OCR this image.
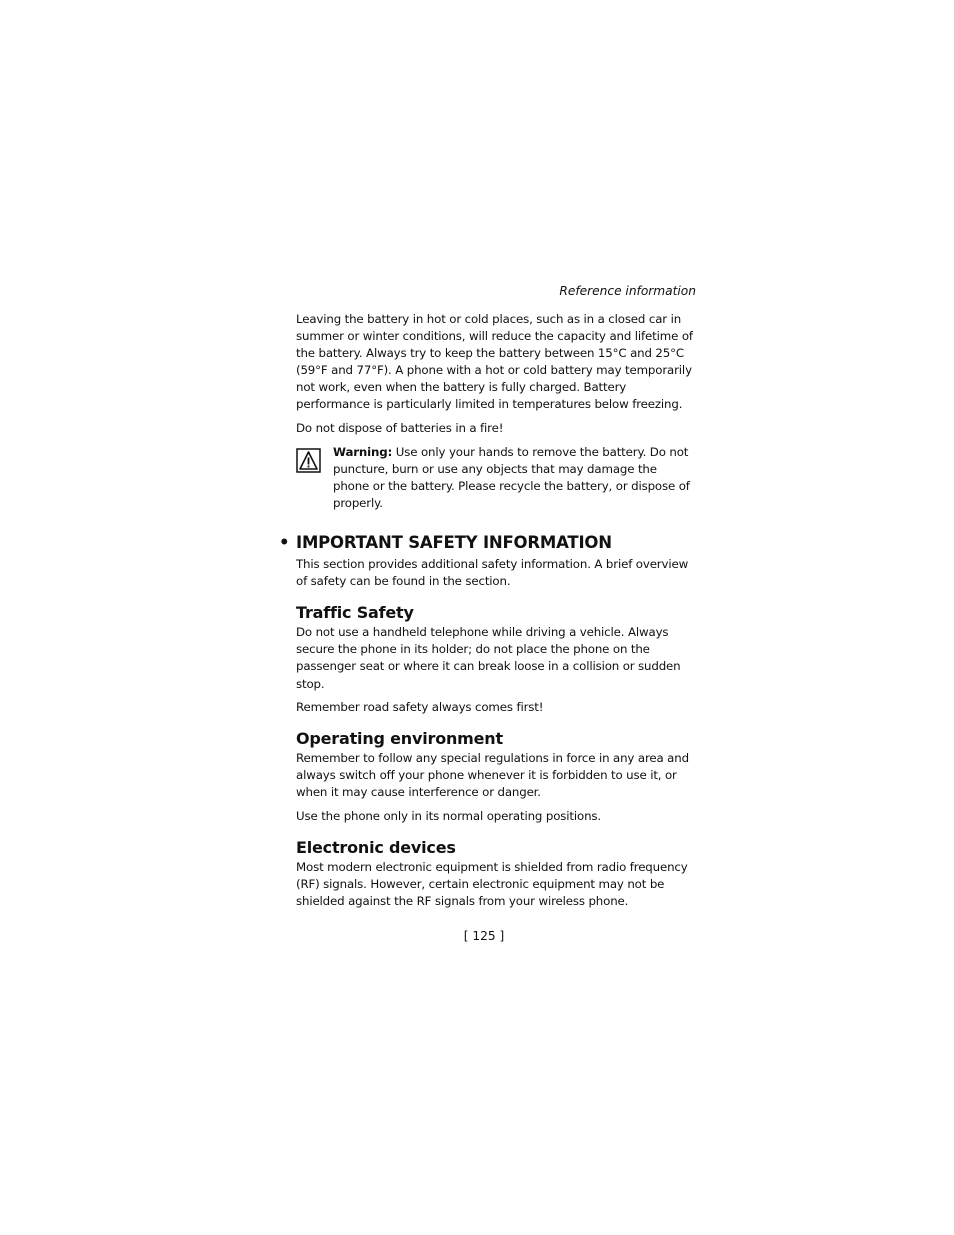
Reference information

Leaving the battery in hot or cold places, such as in a closed car in summer or winter conditions, will reduce the capacity and lifetime of the battery. Always try to keep the battery between 15°C and 25°C (59°F and 77°F). A phone with a hot or cold battery may temporarily not work, even when the battery is fully charged. Battery performance is particularly limited in temperatures below freezing.

Do not dispose of batteries in a fire!

Warning: Use only your hands to remove the battery. Do not puncture, burn or use any objects that may damage the phone or the battery. Please recycle the battery, or dispose of properly.
• IMPORTANT SAFETY INFORMATION

This section provides additional safety information. A brief overview of safety can be found in the section.

Traffic Safety

Do not use a handheld telephone while driving a vehicle. Always secure the phone in its holder; do not place the phone on the passenger seat or where it can break loose in a collision or sudden stop.

Remember road safety always comes first!

Operating environment

Remember to follow any special regulations in force in any area and always switch off your phone whenever it is forbidden to use it, or when it may cause interference or danger.

Use the phone only in its normal operating positions.

Electronic devices

Most modern electronic equipment is shielded from radio frequency (RF) signals. However, certain electronic equipment may not be shielded against the RF signals from your wireless phone.

[ 125 ]
